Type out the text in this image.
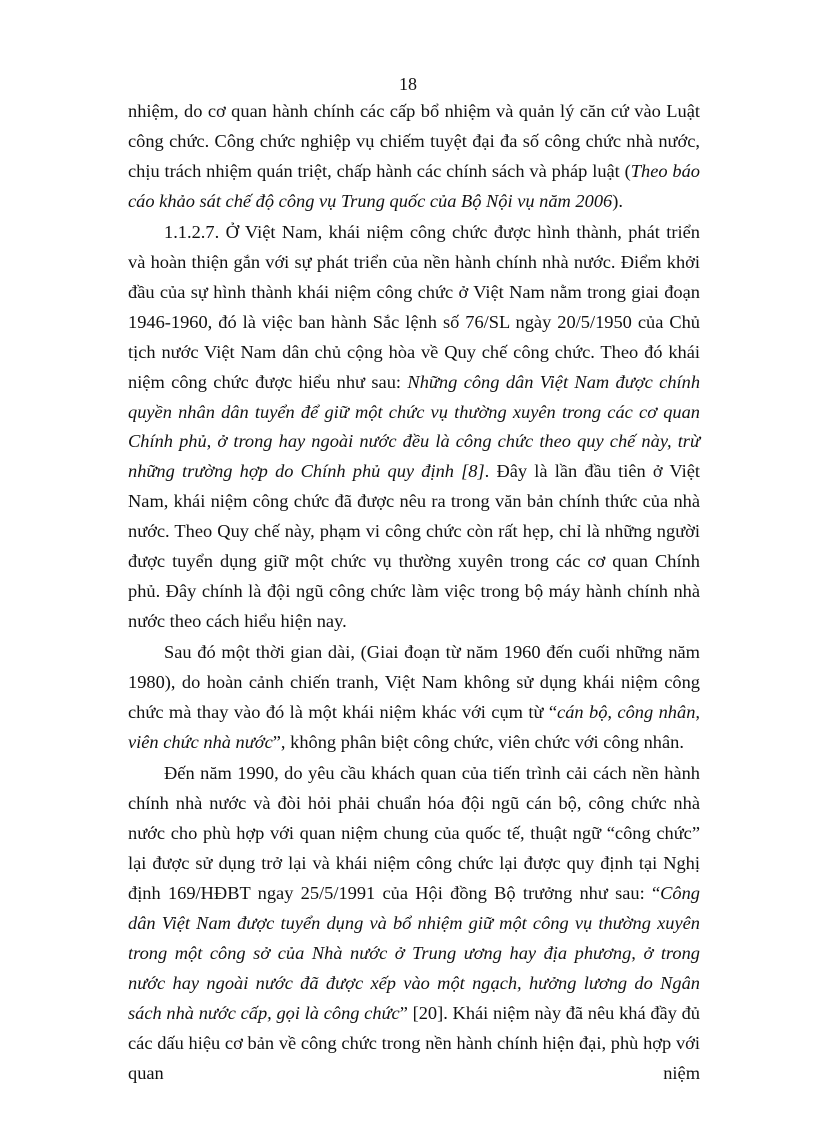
18

nhiệm, do cơ quan hành chính các cấp bổ nhiệm và quản lý căn cứ vào Luật công chức. Công chức nghiệp vụ chiếm tuyệt đại đa số công chức nhà nước, chịu trách nhiệm quán triệt, chấp hành các chính sách và pháp luật (Theo báo cáo khảo sát chế độ công vụ Trung quốc của Bộ Nội vụ năm 2006).

1.1.2.7. Ở Việt Nam, khái niệm công chức được hình thành, phát triển và hoàn thiện gắn với sự phát triển của nền hành chính nhà nước. Điểm khởi đầu của sự hình thành khái niệm công chức ở Việt Nam nằm trong giai đoạn 1946-1960, đó là việc ban hành Sắc lệnh số 76/SL ngày 20/5/1950 của Chủ tịch nước Việt Nam dân chủ cộng hòa về Quy chế công chức. Theo đó khái niệm công chức được hiểu như sau: Những công dân Việt Nam được chính quyền nhân dân tuyển để giữ một chức vụ thường xuyên trong các cơ quan Chính phủ, ở trong hay ngoài nước đều là công chức theo quy chế này, trừ những trường hợp do Chính phủ quy định [8]. Đây là lần đầu tiên ở Việt Nam, khái niệm công chức đã được nêu ra trong văn bản chính thức của nhà nước. Theo Quy chế này, phạm vi công chức còn rất hẹp, chỉ là những người được tuyển dụng giữ một chức vụ thường xuyên trong các cơ quan Chính phủ. Đây chính là đội ngũ công chức làm việc trong bộ máy hành chính nhà nước theo cách hiểu hiện nay.

Sau đó một thời gian dài, (Giai đoạn từ năm 1960 đến cuối những năm 1980), do hoàn cảnh chiến tranh, Việt Nam không sử dụng khái niệm công chức mà thay vào đó là một khái niệm khác với cụm từ “cán bộ, công nhân, viên chức nhà nước”, không phân biệt công chức, viên chức với công nhân.

Đến năm 1990, do yêu cầu khách quan của tiến trình cải cách nền hành chính nhà nước và đòi hỏi phải chuẩn hóa đội ngũ cán bộ, công chức nhà nước cho phù hợp với quan niệm chung của quốc tế, thuật ngữ “công chức” lại được sử dụng trở lại và khái niệm công chức lại được quy định tại Nghị định 169/HĐBT ngay 25/5/1991 của Hội đồng Bộ trưởng như sau: “Công dân Việt Nam được tuyển dụng và bổ nhiệm giữ một công vụ thường xuyên trong một công sở của Nhà nước ở Trung ương hay địa phương, ở trong nước hay ngoài nước đã được xếp vào một ngạch, hưởng lương do Ngân sách nhà nước cấp, gọi là công chức” [20]. Khái niệm này đã nêu khá đầy đủ các dấu hiệu cơ bản về công chức trong nền hành chính hiện đại, phù hợp với quan niệm
